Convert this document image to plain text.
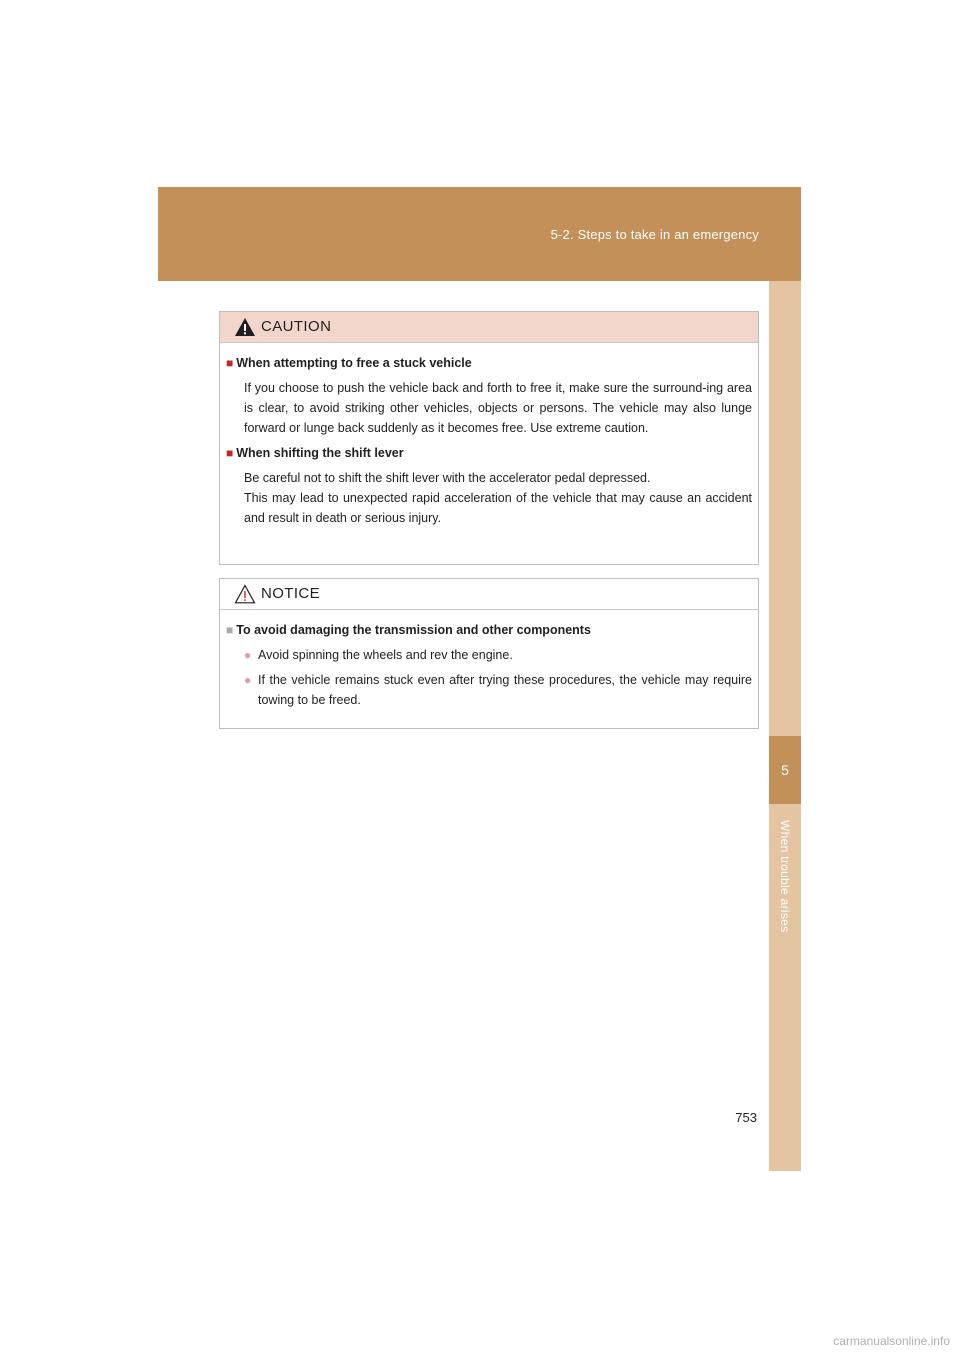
5-2. Steps to take in an emergency
5
When trouble arises
CAUTION
■ When attempting to free a stuck vehicle

If you choose to push the vehicle back and forth to free it, make sure the surround-ing area is clear, to avoid striking other vehicles, objects or persons. The vehicle may also lunge forward or lunge back suddenly as it becomes free. Use extreme caution.

■ When shifting the shift lever

Be careful not to shift the shift lever with the accelerator pedal depressed.

This may lead to unexpected rapid acceleration of the vehicle that may cause an accident and result in death or serious injury.

NOTICE
■ To avoid damaging the transmission and other components
● Avoid spinning the wheels and rev the engine.
● If the vehicle remains stuck even after trying these procedures, the vehicle may require towing to be freed.
753
carmanualsonline.info
